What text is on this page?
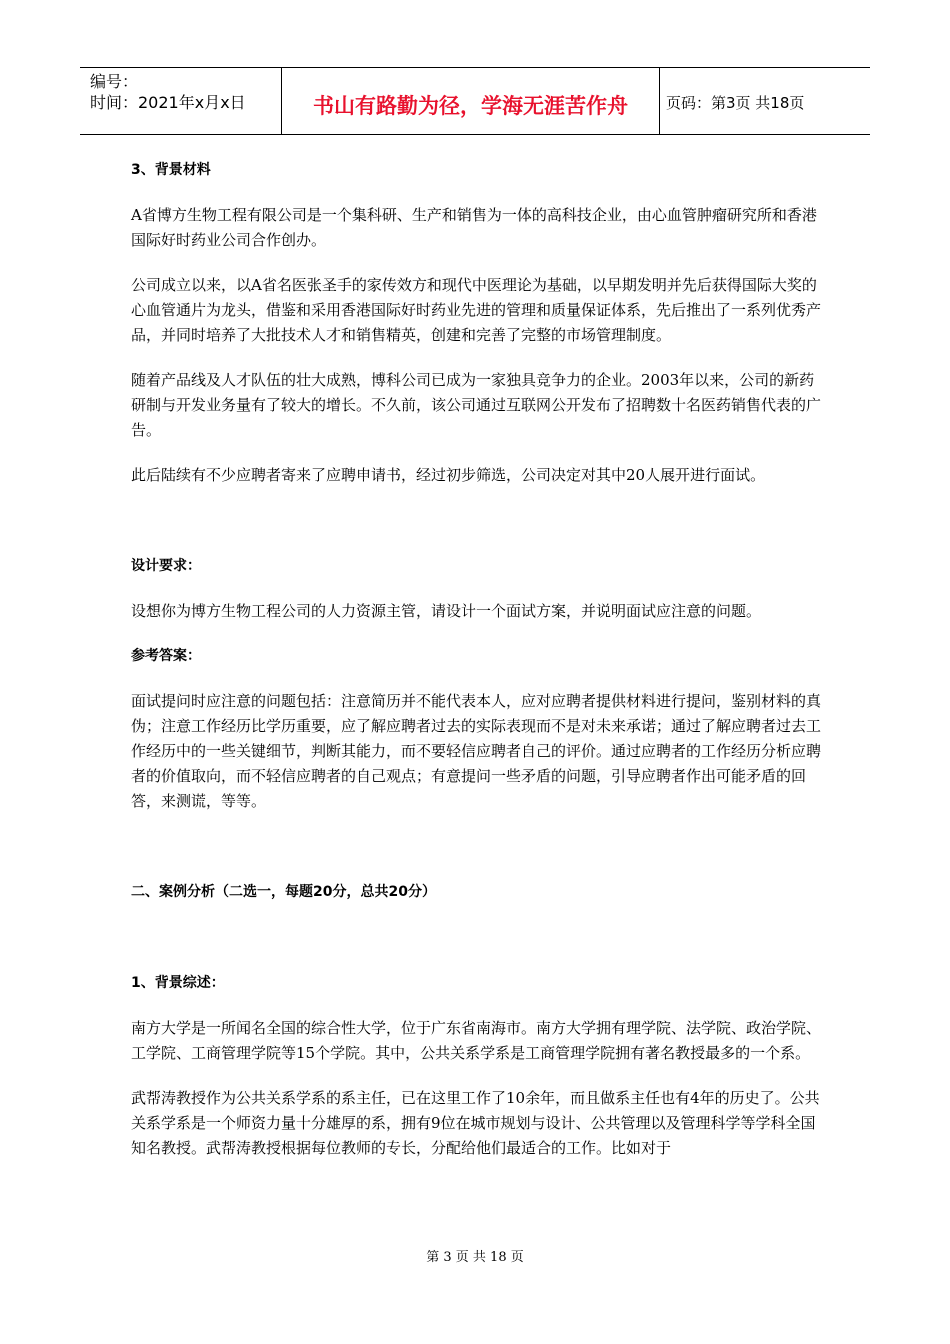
编号：
时间：2021年x月x日	书山有路勤为径，学海无涯苦作舟	页码：第3页 共18页

3、背景材料

A省博方生物工程有限公司是一个集科研、生产和销售为一体的高科技企业，由心血管肿瘤研究所和香港国际好时药业公司合作创办。

公司成立以来，以A省名医张圣手的家传效方和现代中医理论为基础，以早期发明并先后获得国际大奖的心血管通片为龙头，借鉴和采用香港国际好时药业先进的管理和质量保证体系，先后推出了一系列优秀产品，并同时培养了大批技术人才和销售精英，创建和完善了完整的市场管理制度。

随着产品线及人才队伍的壮大成熟，博科公司已成为一家独具竞争力的企业。2003年以来，公司的新药研制与开发业务量有了较大的增长。不久前，该公司通过互联网公开发布了招聘数十名医药销售代表的广告。

此后陆续有不少应聘者寄来了应聘申请书，经过初步筛选，公司决定对其中20人展开进行面试。

设计要求：

设想你为博方生物工程公司的人力资源主管，请设计一个面试方案，并说明面试应注意的问题。

参考答案：

面试提问时应注意的问题包括：注意简历并不能代表本人，应对应聘者提供材料进行提问，鉴别材料的真伪；注意工作经历比学历重要，应了解应聘者过去的实际表现而不是对未来承诺；通过了解应聘者过去工作经历中的一些关键细节，判断其能力，而不要轻信应聘者自己的评价。通过应聘者的工作经历分析应聘者的价值取向，而不轻信应聘者的自己观点；有意提问一些矛盾的问题，引导应聘者作出可能矛盾的回答，来测谎，等等。

二、案例分析（二选一，每题20分，总共20分）

1、背景综述：

南方大学是一所闻名全国的综合性大学，位于广东省南海市。南方大学拥有理学院、法学院、政治学院、工学院、工商管理学院等15个学院。其中，公共关系学系是工商管理学院拥有著名教授最多的一个系。

武帮涛教授作为公共关系学系的系主任，已在这里工作了10余年，而且做系主任也有4年的历史了。公共关系学系是一个师资力量十分雄厚的系，拥有9位在城市规划与设计、公共管理以及管理科学等学科全国知名教授。武帮涛教授根据每位教师的专长，分配给他们最适合的工作。比如对于

第 3 页 共 18 页
